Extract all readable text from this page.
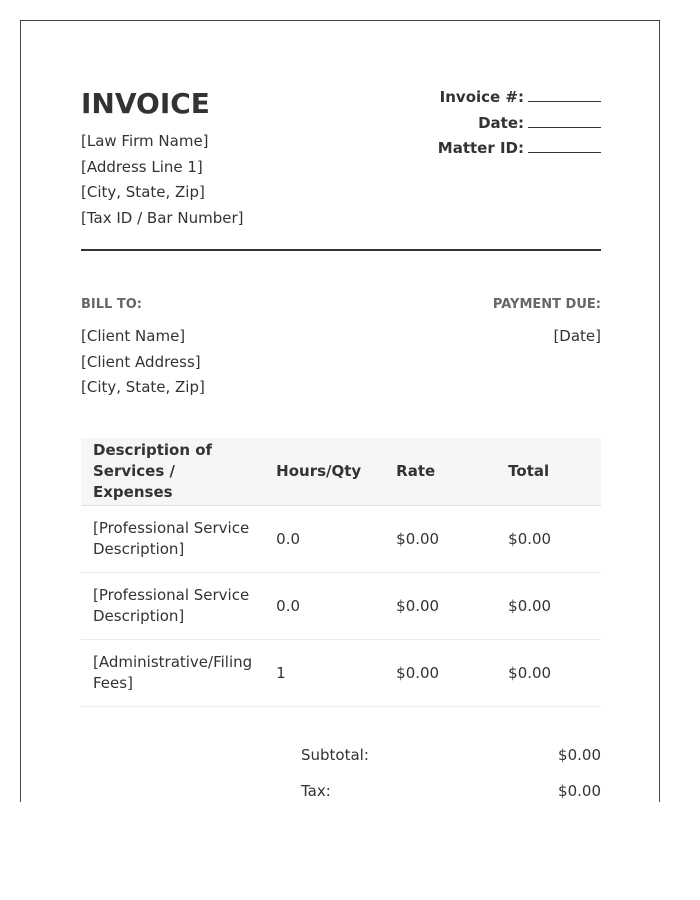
INVOICE
[Law Firm Name]
[Address Line 1]
[City, State, Zip]
[Tax ID / Bar Number]
Invoice #:
Date:
Matter ID:
BILL TO:
[Client Name]
[Client Address]
[City, State, Zip]
PAYMENT DUE:
[Date]
Description of Services / Expenses	Hours/Qty	Rate	Total
[Professional Service Description]	0.0	$0.00	$0.00
[Professional Service Description]	0.0	$0.00	$0.00
[Administrative/Filing Fees]	1	$0.00	$0.00
Subtotal:	$0.00
Tax:	$0.00
